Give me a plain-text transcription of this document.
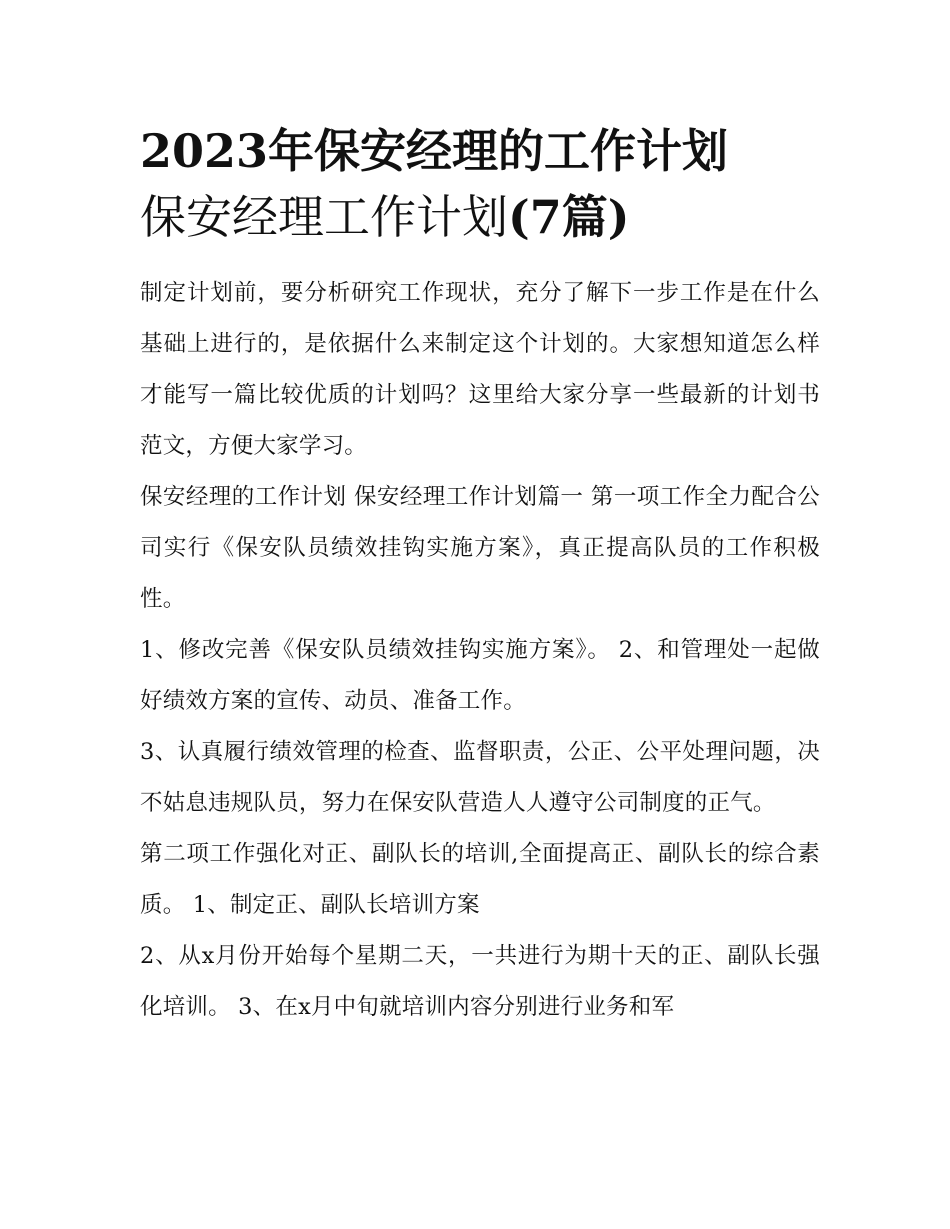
2023年保安经理的工作计划
保安经理工作计划(7篇)

制定计划前，要分析研究工作现状，充分了解下一步工作是在什么基础上进行的，是依据什么来制定这个计划的。大家想知道怎么样才能写一篇比较优质的计划吗？这里给大家分享一些最新的计划书范文，方便大家学习。

保安经理的工作计划 保安经理工作计划篇一 第一项工作全力配合公司实行《保安队员绩效挂钩实施方案》，真正提高队员的工作积极性。

1、修改完善《保安队员绩效挂钩实施方案》。 2、和管理处一起做好绩效方案的宣传、动员、准备工作。

3、认真履行绩效管理的检查、监督职责，公正、公平处理问题，决不姑息违规队员，努力在保安队营造人人遵守公司制度的正气。

第二项工作强化对正、副队长的培训,全面提高正、副队长的综合素质。 1、制定正、副队长培训方案

2、从x月份开始每个星期二天，一共进行为期十天的正、副队长强化培训。 3、在x月中旬就培训内容分别进行业务和军
